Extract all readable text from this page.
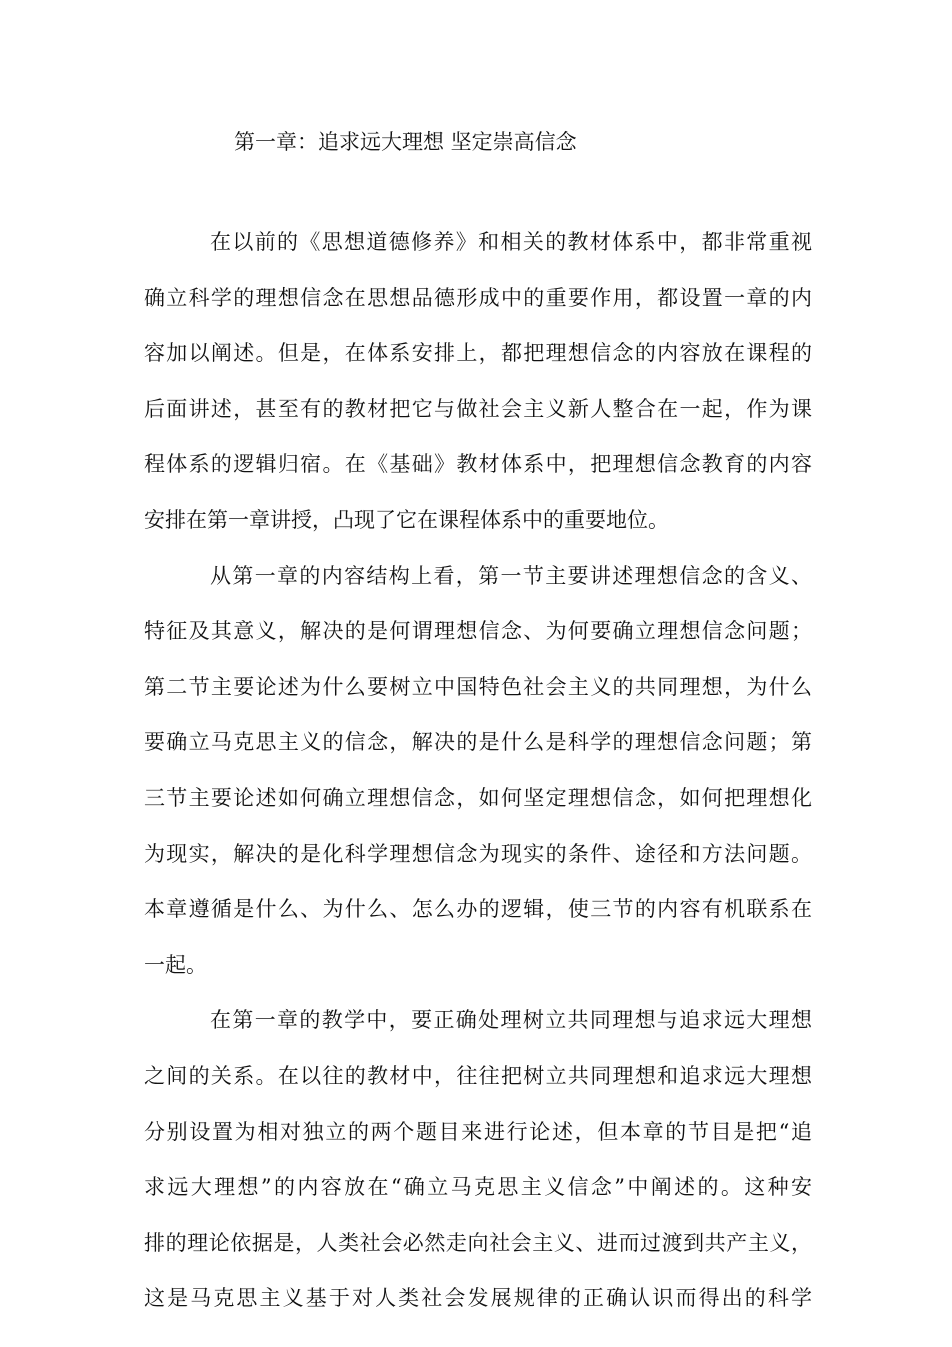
第一章：追求远大理想 坚定崇高信念
在以前的《思想道德修养》和相关的教材体系中，都非常重视
确立科学的理想信念在思想品德形成中的重要作用，都设置一章的内
容加以阐述。但是，在体系安排上，都把理想信念的内容放在课程的
后面讲述，甚至有的教材把它与做社会主义新人整合在一起，作为课
程体系的逻辑归宿。在《基础》教材体系中，把理想信念教育的内容
安排在第一章讲授，凸现了它在课程体系中的重要地位。
从第一章的内容结构上看，第一节主要讲述理想信念的含义、
特征及其意义，解决的是何谓理想信念、为何要确立理想信念问题；
第二节主要论述为什么要树立中国特色社会主义的共同理想，为什么
要确立马克思主义的信念，解决的是什么是科学的理想信念问题；第
三节主要论述如何确立理想信念，如何坚定理想信念，如何把理想化
为现实，解决的是化科学理想信念为现实的条件、途径和方法问题。
本章遵循是什么、为什么、怎么办的逻辑，使三节的内容有机联系在
一起。
在第一章的教学中，要正确处理树立共同理想与追求远大理想
之间的关系。在以往的教材中，往往把树立共同理想和追求远大理想
分别设置为相对独立的两个题目来进行论述，但本章的节目是把“追
求远大理想”的内容放在“确立马克思主义信念”中阐述的。这种安
排的理论依据是，人类社会必然走向社会主义、进而过渡到共产主义，
这是马克思主义基于对人类社会发展规律的正确认识而得出的科学
